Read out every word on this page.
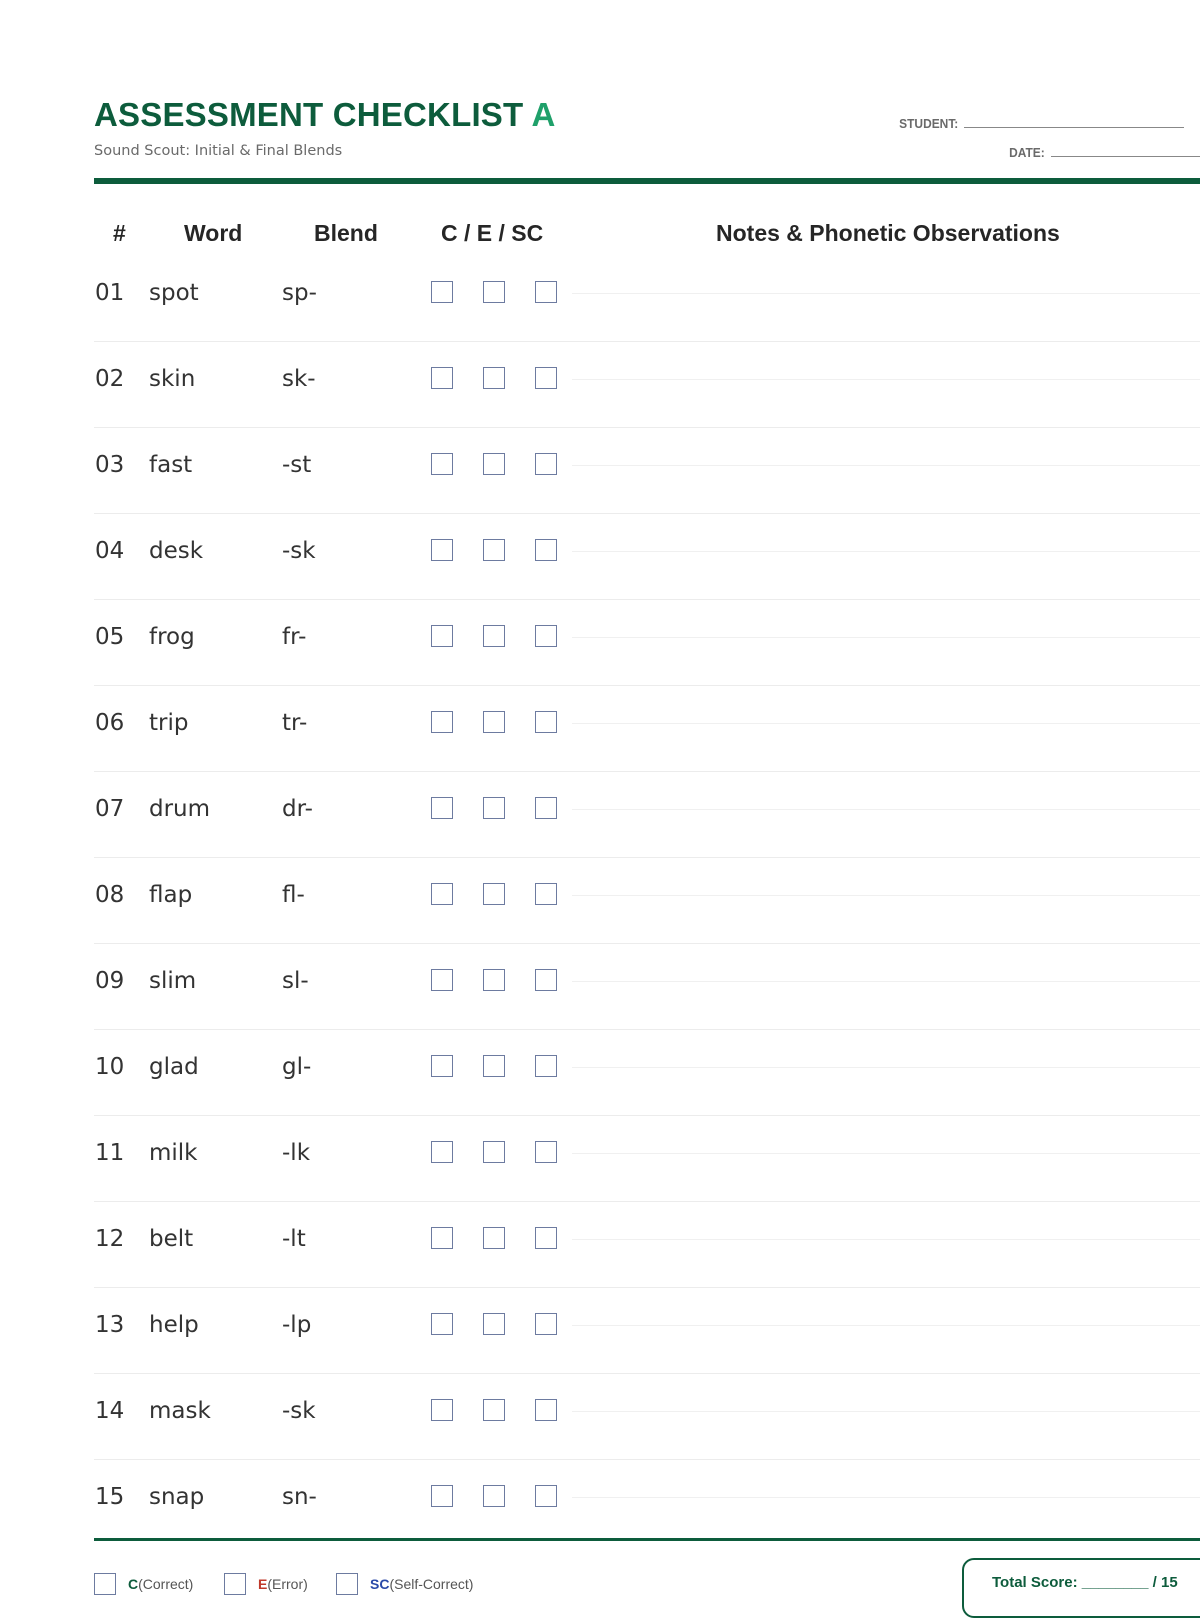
ASSESSMENT CHECKLIST A
Sound Scout: Initial & Final Blends
STUDENT:
DATE:
#	Word	Blend	C / E / SC	Notes & Phonetic Observations
01 spot	sp-
02 skin	sk-
03 fast	-st
04 desk	-sk
05 frog	fr-
06 trip	tr-
07 drum	dr-
08 flap	fl-
09 slim	sl-
10 glad	gl-
11 milk	-lk
12 belt	-lt
13 help	-lp
14 mask	-sk
15 snap	sn-
C (Correct)	E (Error)	SC (Self-Correct)	Total Score: ________ / 15
